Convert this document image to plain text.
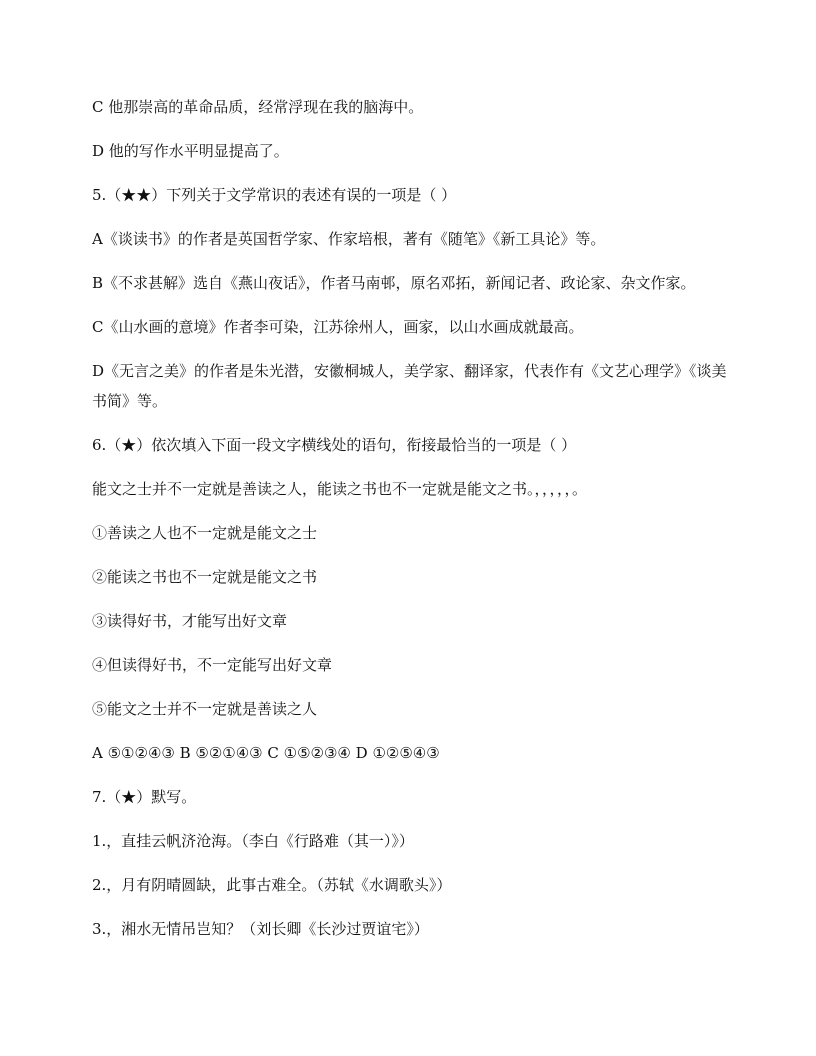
C 他那崇高的革命品质，经常浮现在我的脑海中。

D 他的写作水平明显提高了。

5.（★★）下列关于文学常识的表述有误的一项是（ ）

A《谈读书》的作者是英国哲学家、作家培根，著有《随笔》《新工具论》等。

B《不求甚解》选自《燕山夜话》，作者马南邨，原名邓拓，新闻记者、政论家、杂文作家。

C《山水画的意境》作者李可染，江苏徐州人，画家，以山水画成就最高。

D《无言之美》的作者是朱光潜，安徽桐城人，美学家、翻译家，代表作有《文艺心理学》《谈美书简》等。

6.（★）依次填入下面一段文字横线处的语句，衔接最恰当的一项是（ ）

能文之士并不一定就是善读之人，能读之书也不一定就是能文之书。，，，，，。

①善读之人也不一定就是能文之士

②能读之书也不一定就是能文之书

③读得好书，才能写出好文章

④但读得好书，不一定能写出好文章

⑤能文之士并不一定就是善读之人

A ⑤①②④③ B ⑤②①④③ C ①⑤②③④ D ①②⑤④③

7.（★）默写。

1.，直挂云帆济沧海。（李白《行路难（其一）》）

2.，月有阴晴圆缺，此事古难全。（苏轼《水调歌头》）

3.，湘水无情吊岂知？（刘长卿《长沙过贾谊宅》）
